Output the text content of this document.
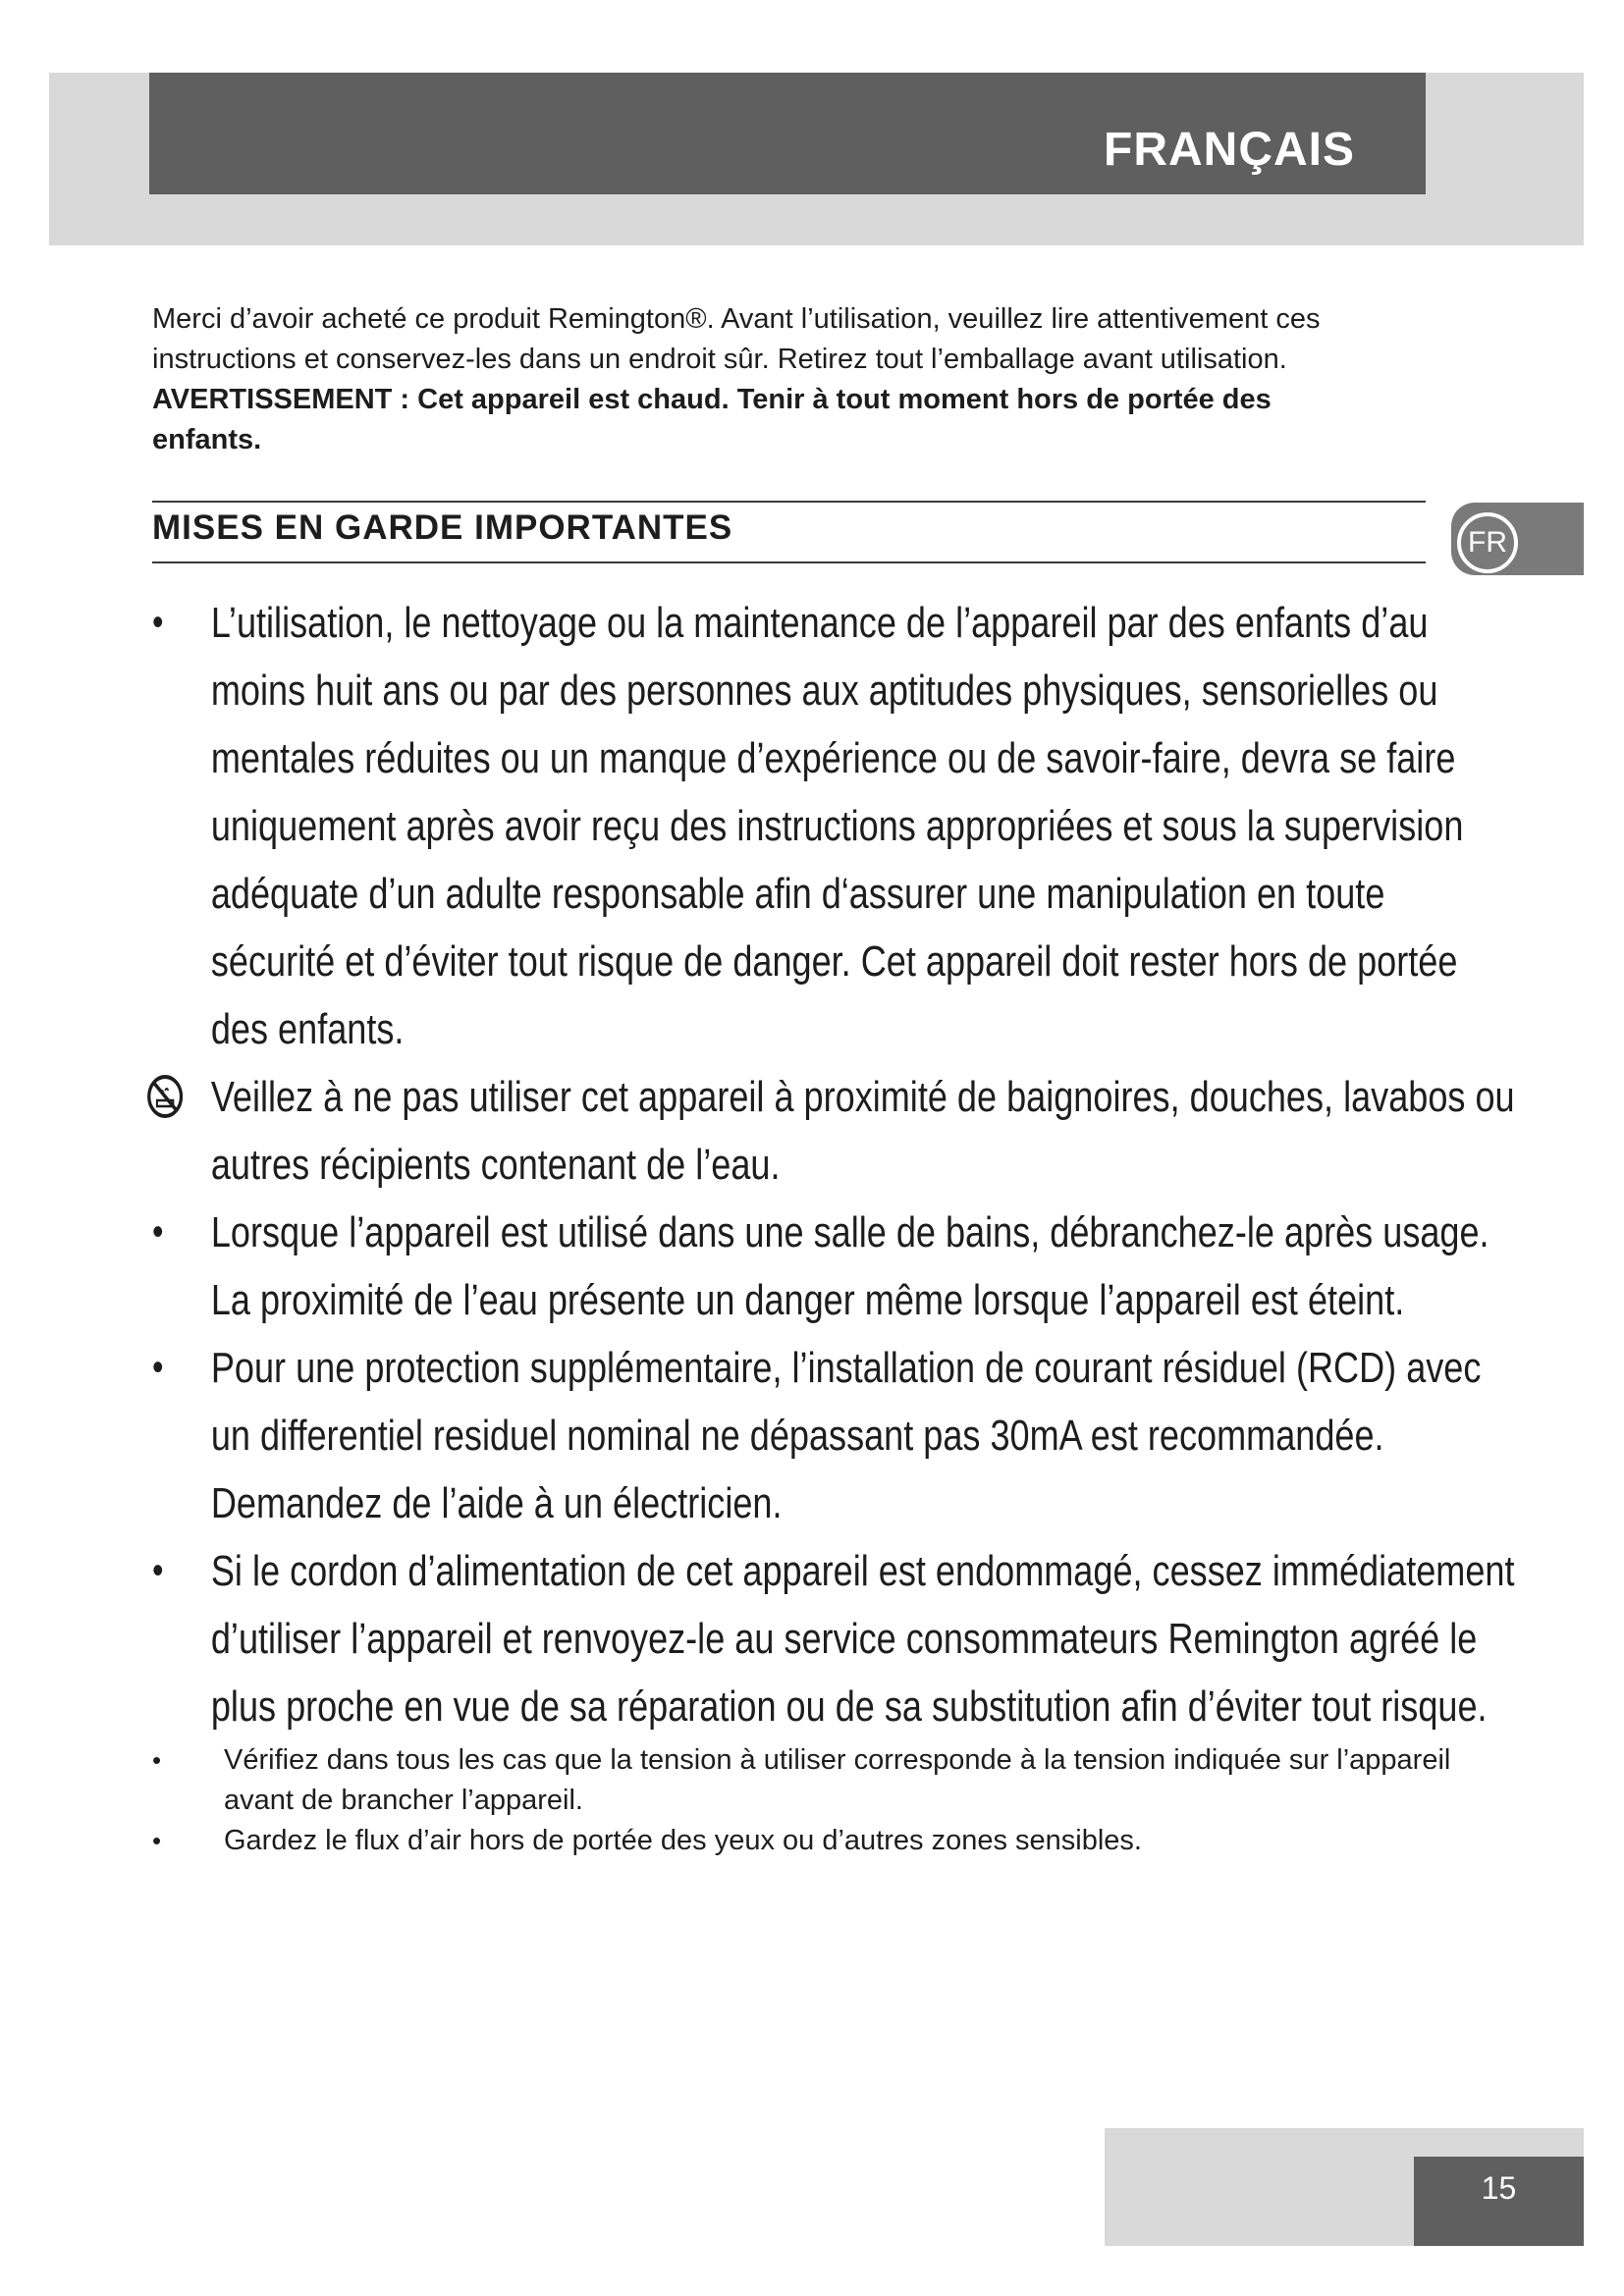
FRANÇAIS

Merci d’avoir acheté ce produit Remington®. Avant l’utilisation, veuillez lire attentivement ces instructions et conservez-les dans un endroit sûr. Retirez tout l’emballage avant utilisation. AVERTISSEMENT : Cet appareil est chaud. Tenir à tout moment hors de portée des enfants.

MISES EN GARDE IMPORTANTES	FR
•	L’utilisation, le nettoyage ou la maintenance de l’appareil par des enfants d’au moins huit ans ou par des personnes aux aptitudes physiques, sensorielles ou mentales réduites ou un manque d’expérience ou de savoir-faire, devra se faire uniquement après avoir reçu des instructions appropriées et sous la supervision adéquate d’un adulte responsable afin d‘assurer une manipulation en toute sécurité et d’éviter tout risque de danger. Cet appareil doit rester hors de portée des enfants.
Veillez à ne pas utiliser cet appareil à proximité de baignoires, douches, lavabos ou autres récipients contenant de l’eau.
•	Lorsque l’appareil est utilisé dans une salle de bains, débranchez-le après usage. La proximité de l’eau présente un danger même lorsque l’appareil est éteint.
•	Pour une protection supplémentaire, l’installation de courant résiduel (RCD) avec un differentiel residuel nominal ne dépassant pas 30mA est recommandée. Demandez de l’aide à un électricien.
•	Si le cordon d’alimentation de cet appareil est endommagé, cessez immédiatement d’utiliser l’appareil et renvoyez-le au service consommateurs Remington agréé le plus proche en vue de sa réparation ou de sa substitution afin d’éviter tout risque.
• Vérifiez dans tous les cas que la tension à utiliser corresponde à la tension indiquée sur l’appareil avant de brancher l’appareil.
• Gardez le flux d’air hors de portée des yeux ou d’autres zones sensibles.
15
